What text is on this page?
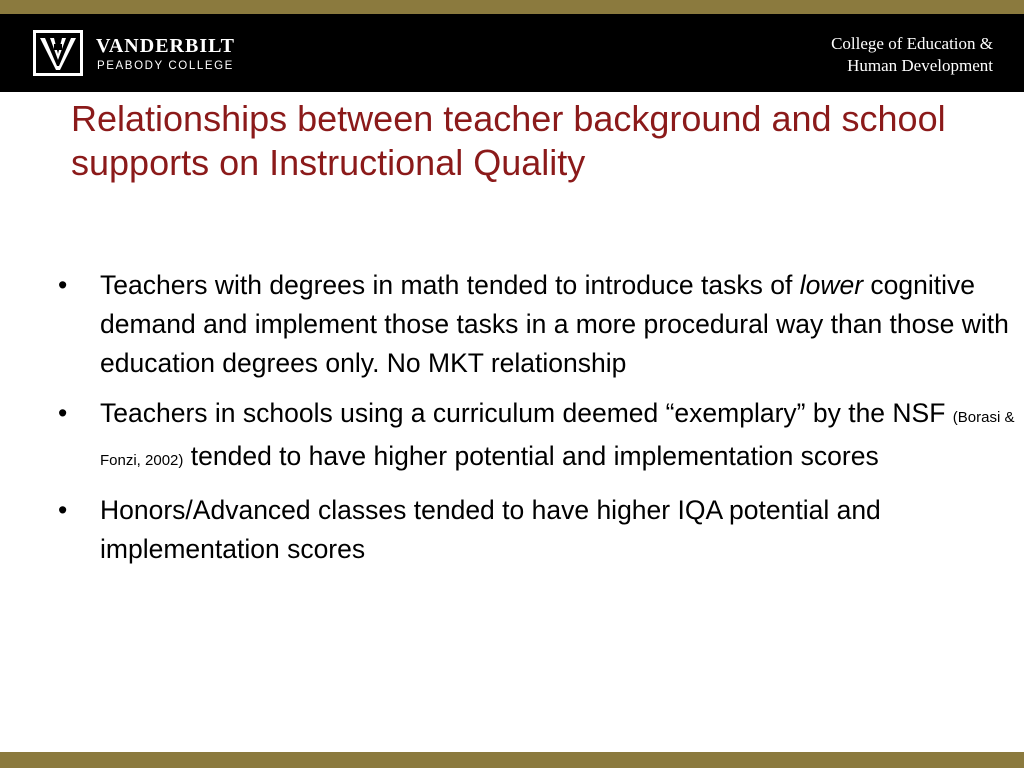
VANDERBILT
PEABODY COLLEGE
College of Education &
Human Development
Relationships between teacher background and school supports on Instructional Quality
•	Teachers with degrees in math tended to introduce tasks of lower cognitive demand and implement those tasks in a more procedural way than those with education degrees only. No MKT relationship
•	Teachers in schools using a curriculum deemed “exemplary” by the NSF (Borasi & Fonzi, 2002) tended to have higher potential and implementation scores
•	Honors/Advanced classes tended to have higher IQA potential and implementation scores
